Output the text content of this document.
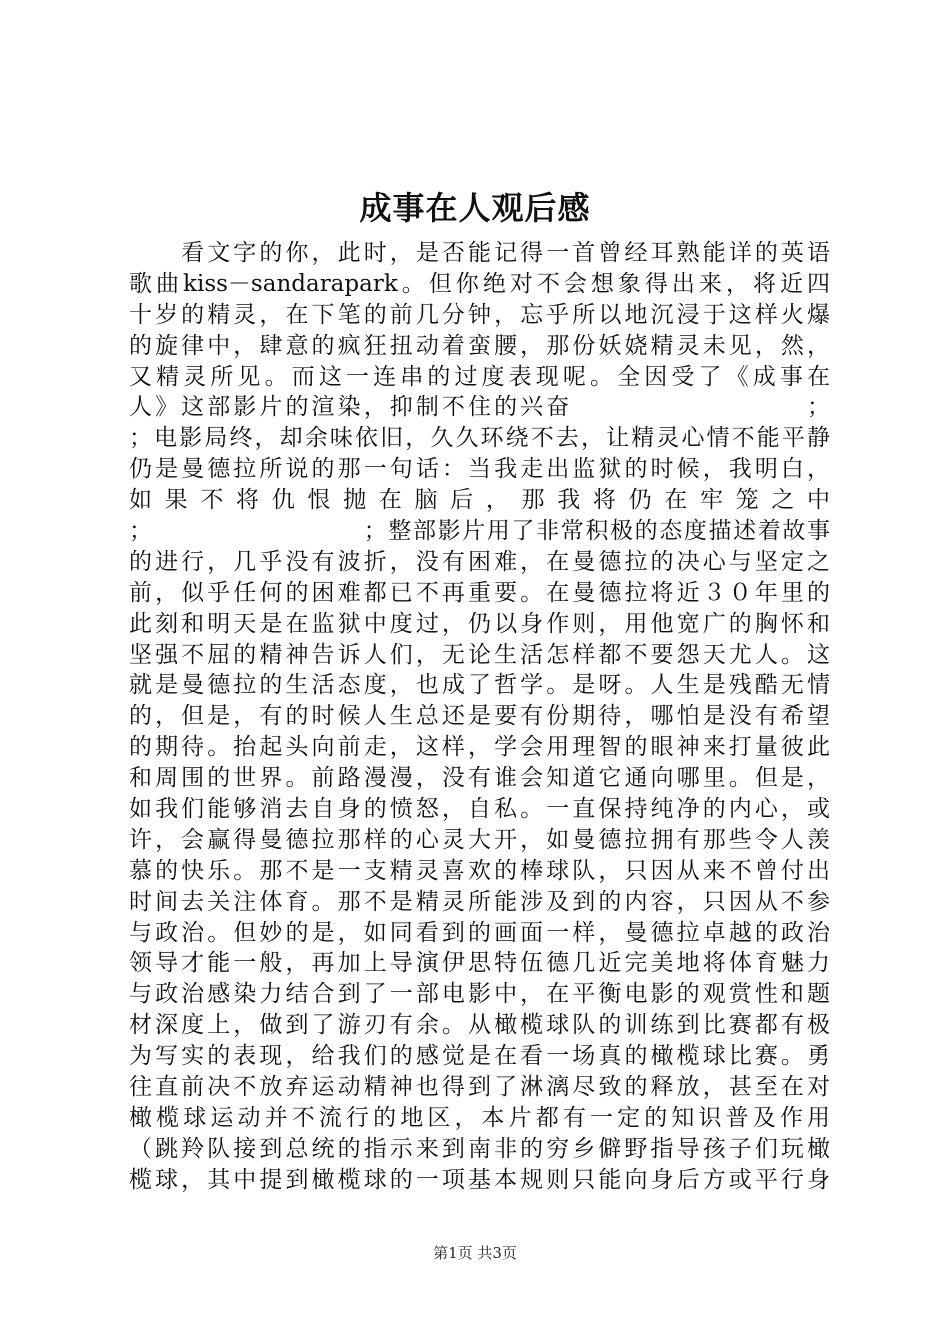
成事在人观后感
　　看文字的你，此时，是否能记得一首曾经耳熟能详的英语
歌曲kiss－sandarapark。但你绝对不会想象得出来，将近四
十岁的精灵，在下笔的前几分钟，忘乎所以地沉浸于这样火爆
的旋律中，肆意的疯狂扭动着蛮腰，那份妖娆精灵未见，然，
又精灵所见。而这一连串的过度表现呢。全因受了《成事在
人》这部影片的渲染，抑制不住的兴奋　　　　　　　　　；
；电影局终，却余味依旧，久久环绕不去，让精灵心情不能平静
仍是曼德拉所说的那一句话：当我走出监狱的时候，我明白，
如果不将仇恨抛在脑后，那我将仍在牢笼之中
；　　　　　　　　　；整部影片用了非常积极的态度描述着故事
的进行，几乎没有波折，没有困难，在曼德拉的决心与坚定之
前，似乎任何的困难都已不再重要。在曼德拉将近３０年里的
此刻和明天是在监狱中度过，仍以身作则，用他宽广的胸怀和
坚强不屈的精神告诉人们，无论生活怎样都不要怨天尤人。这
就是曼德拉的生活态度，也成了哲学。是呀。人生是残酷无情
的，但是，有的时候人生总还是要有份期待，哪怕是没有希望
的期待。抬起头向前走，这样，学会用理智的眼神来打量彼此
和周围的世界。前路漫漫，没有谁会知道它通向哪里。但是，
如我们能够消去自身的愤怒，自私。一直保持纯净的内心，或
许，会赢得曼德拉那样的心灵大开，如曼德拉拥有那些令人羡
慕的快乐。那不是一支精灵喜欢的棒球队，只因从来不曾付出
时间去关注体育。那不是精灵所能涉及到的内容，只因从不参
与政治。但妙的是，如同看到的画面一样，曼德拉卓越的政治
领导才能一般，再加上导演伊思特伍德几近完美地将体育魅力
与政治感染力结合到了一部电影中，在平衡电影的观赏性和题
材深度上，做到了游刃有余。从橄榄球队的训练到比赛都有极
为写实的表现，给我们的感觉是在看一场真的橄榄球比赛。勇
往直前决不放弃运动精神也得到了淋漓尽致的释放，甚至在对
橄榄球运动并不流行的地区，本片都有一定的知识普及作用
（跳羚队接到总统的指示来到南非的穷乡僻野指导孩子们玩橄
榄球，其中提到橄榄球的一项基本规则只能向身后方或平行身
第1页 共3页
